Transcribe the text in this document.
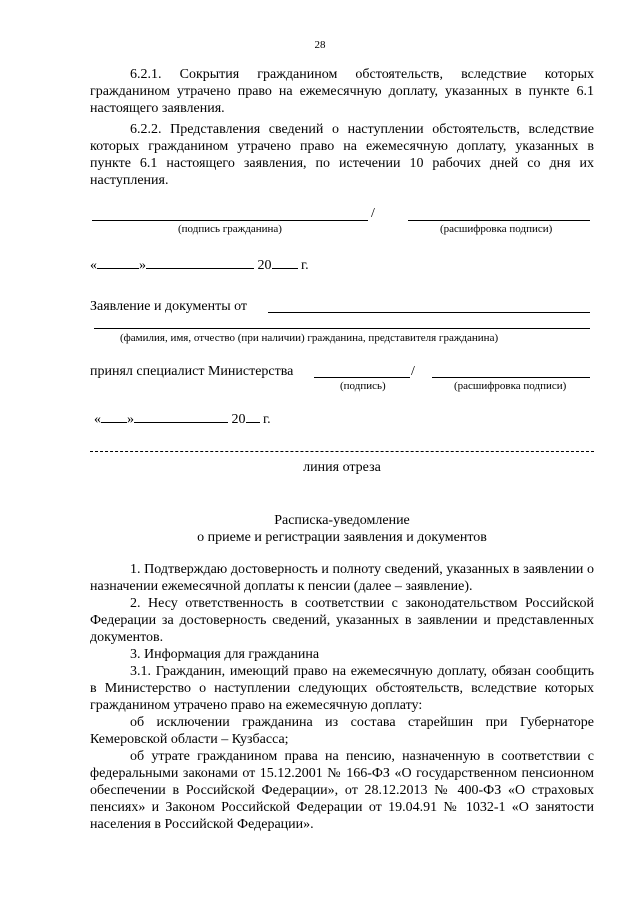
28
6.2.1. Сокрытия гражданином обстоятельств, вследствие которых гражданином утрачено право на ежемесячную доплату, указанных в пункте 6.1 настоящего заявления.
6.2.2. Представления сведений о наступлении обстоятельств, вследствие которых гражданином утрачено право на ежемесячную доплату, указанных в пункте 6.1 настоящего заявления, по истечении 10 рабочих дней со дня их наступления.
/
(подпись гражданина)	(расшифровка подписи)
«	»	20 г.
Заявление и документы от
(фамилия, имя, отчество (при наличии) гражданина, представителя гражданина)
принял специалист Министерства	/
(подпись)	(расшифровка подписи)
« »	20 г.
линия отреза
Расписка-уведомление
о приеме и регистрации заявления и документов
1. Подтверждаю достоверность и полноту сведений, указанных в заявлении о назначении ежемесячной доплаты к пенсии (далее – заявление).
2. Несу ответственность в соответствии с законодательством Российской Федерации за достоверность сведений, указанных в заявлении и представленных документов.
3. Информация для гражданина
3.1. Гражданин, имеющий право на ежемесячную доплату, обязан сообщить в Министерство о наступлении следующих обстоятельств, вследствие которых гражданином утрачено право на ежемесячную доплату:
об исключении гражданина из состава старейшин при Губернаторе Кемеровской области – Кузбасса;
об утрате гражданином права на пенсию, назначенную в соответствии с федеральными законами от 15.12.2001 № 166-ФЗ «О государственном пенсионном обеспечении в Российской Федерации», от 28.12.2013 № 400-ФЗ «О страховых пенсиях» и Законом Российской Федерации от 19.04.91 № 1032-1 «О занятости населения в Российской Федерации».
